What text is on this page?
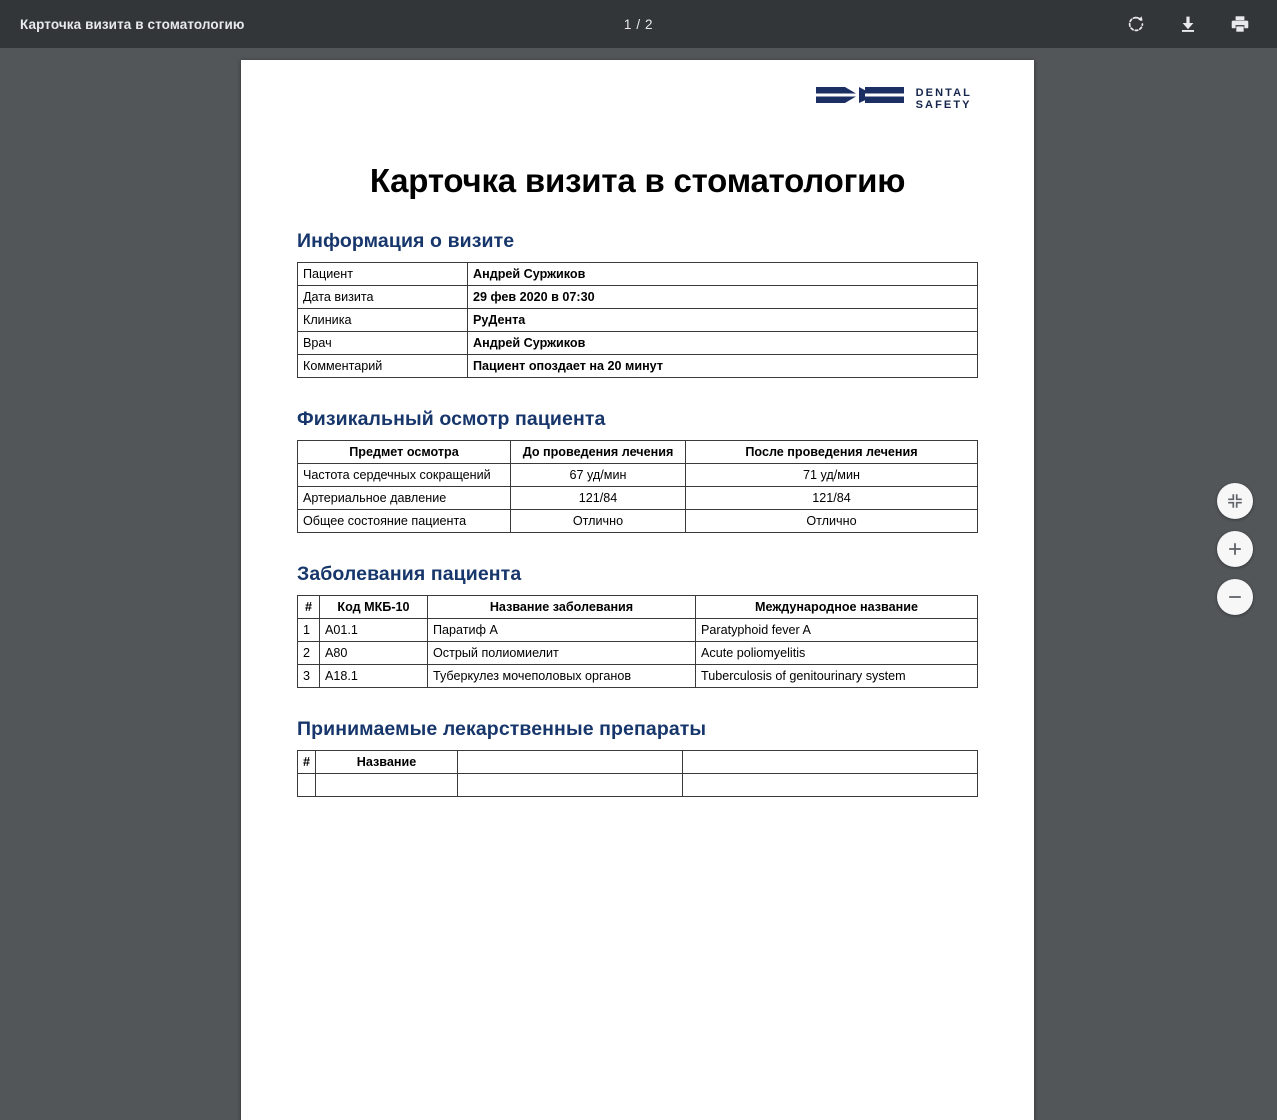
Карточка визита в стоматологию	1 / 2
DENTAL
SAFETY
Карточка визита в стоматологию
Информация о визите
Пациент	Андрей Суржиков
Дата визита	29 фев 2020 в 07:30
Клиника	РуДента
Врач	Андрей Суржиков
Комментарий	Пациент опоздает на 20 минут
Физикальный осмотр пациента
Предмет осмотра	До проведения лечения	После проведения лечения
Частота сердечных сокращений	67 уд/мин	71 уд/мин
Артериальное давление	121/84	121/84
Общее состояние пациента	Отлично	Отлично
Заболевания пациента
#	Код МКБ-10	Название заболевания	Международное название
1	A01.1	Паратиф А	Paratyphoid fever A
2	A80	Острый полиомиелит	Acute poliomyelitis
3	A18.1	Туберкулез мочеполовых органов	Tuberculosis of genitourinary system
Принимаемые лекарственные препараты
#	Название		
